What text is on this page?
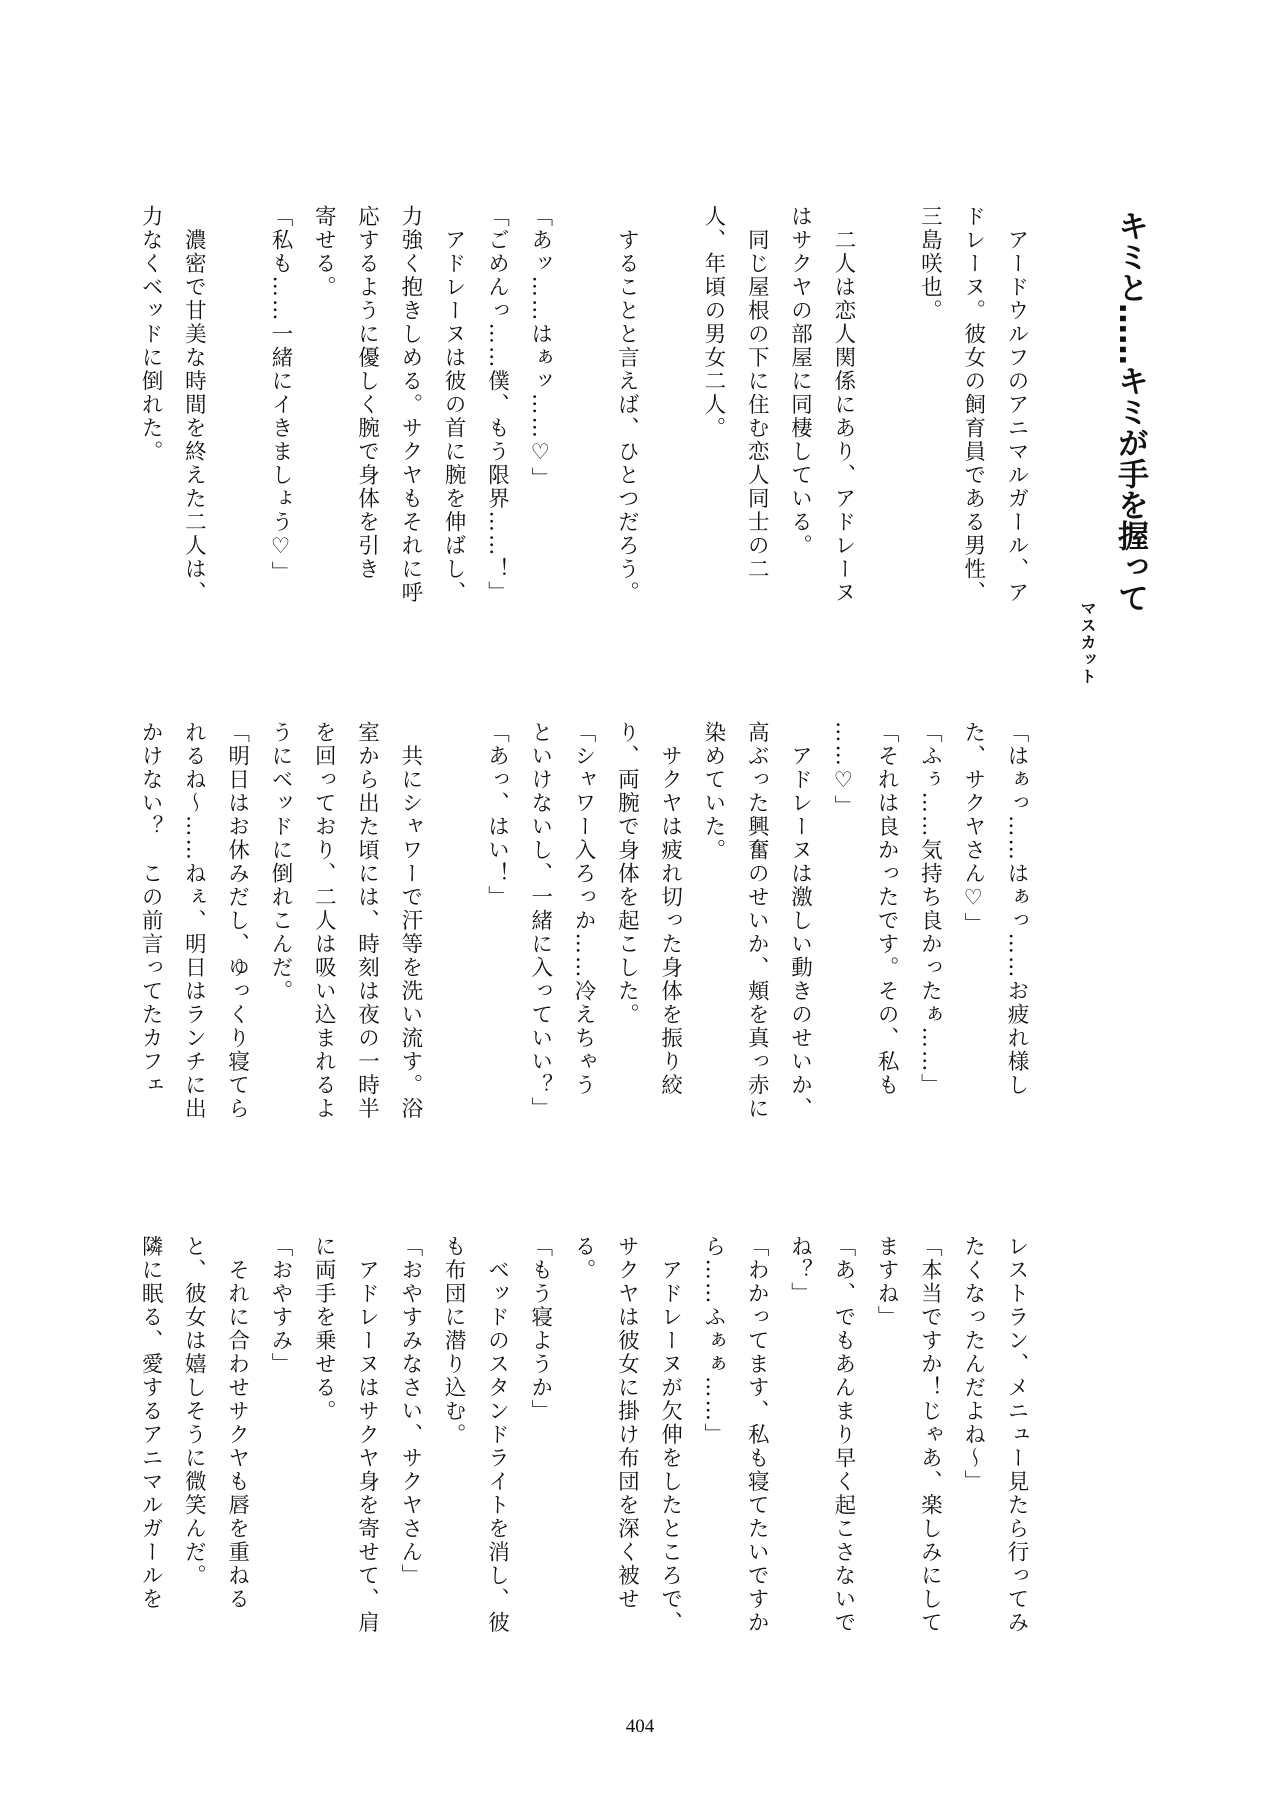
キミと……キミが手を握って
マスカット
　アードウルフのアニマルガール、ア
ドレーヌ。彼女の飼育員である男性、
三島咲也。

　二人は恋人関係にあり、アドレーヌ
はサクヤの部屋に同棲している。
　同じ屋根の下に住む恋人同士の二
人、年頃の男女二人。

　することと言えば、ひとつだろう。

「あッ……はぁッ……♡」
「ごめんっ……僕、もう限界……！」
　アドレーヌは彼の首に腕を伸ばし、
力強く抱きしめる。サクヤもそれに呼
応するように優しく腕で身体を引き
寄せる。
「私も……一緒にイきましょう♡」

　濃密で甘美な時間を終えた二人は、
力なくベッドに倒れた。
「はぁっ……はぁっ……お疲れ様し
た、サクヤさん♡」
「ふぅ……気持ち良かったぁ……」
「それは良かったです。その、私も
……♡」
　アドレーヌは激しい動きのせいか、
高ぶった興奮のせいか、頬を真っ赤に
染めていた。
　サクヤは疲れ切った身体を振り絞
り、両腕で身体を起こした。
「シャワー入ろっか……冷えちゃう
といけないし、一緒に入っていい？」
「あっ、はい！」

　共にシャワーで汗等を洗い流す。浴
室から出た頃には、時刻は夜の一時半
を回っており、二人は吸い込まれるよ
うにベッドに倒れこんだ。
「明日はお休みだし、ゆっくり寝てら
れるね～……ねぇ、明日はランチに出
かけない？　この前言ってたカフェ
レストラン、メニュー見たら行ってみ
たくなったんだよね～」
「本当ですか！じゃあ、楽しみにして
ますね」
「あ、でもあんまり早く起こさないで
ね？」
「わかってます、私も寝てたいですか
ら……ふぁぁ……」
　アドレーヌが欠伸をしたところで、
サクヤは彼女に掛け布団を深く被せ
る。
「もう寝ようか」
　ベッドのスタンドライトを消し、彼
も布団に潜り込む。
「おやすみなさい、サクヤさん」
　アドレーヌはサクヤ身を寄せて、肩
に両手を乗せる。
「おやすみ」
　それに合わせサクヤも唇を重ねる
と、彼女は嬉しそうに微笑んだ。
隣に眠る、愛するアニマルガールを
404
